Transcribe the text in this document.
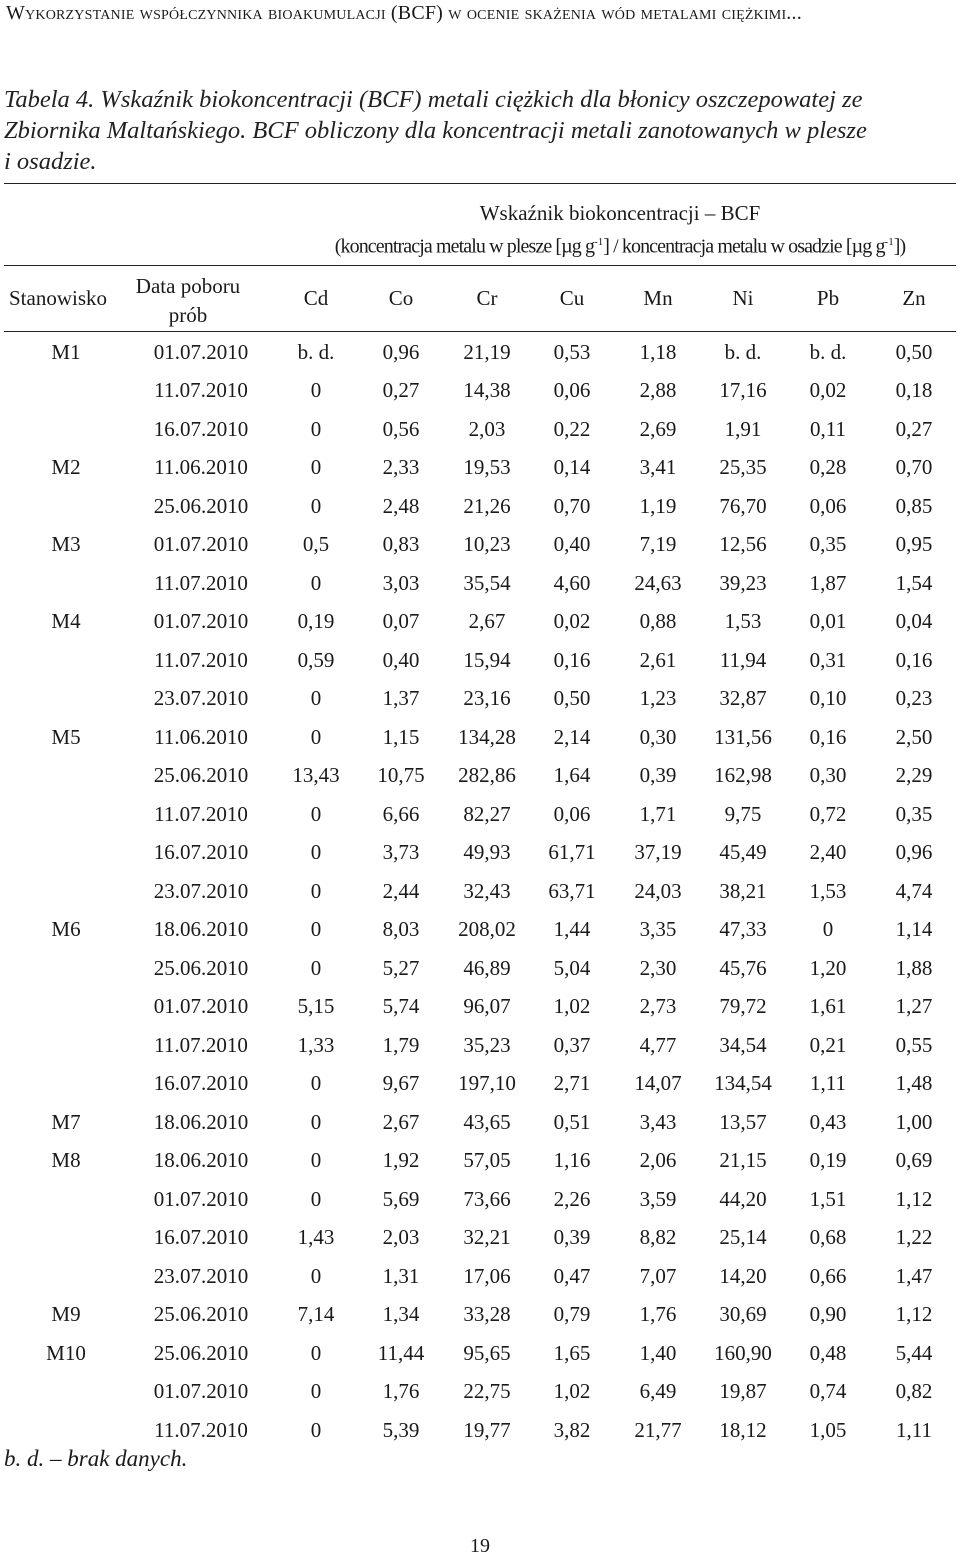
Wykorzystanie współczynnika bioakumulacji (BCF) w ocenie skażenia wód metalami ciężkimi...
Tabela 4. Wskaźnik biokoncentracji (BCF) metali ciężkich dla błonicy oszczepowatej ze
Zbiornika Maltańskiego. BCF obliczony dla koncentracji metali zanotowanych w plesze
i osadzie.
Wskaźnik biokoncentracji – BCF
(koncentracja metalu w plesze [µg $g^{-1}$] / koncentracja metalu w osadzie [µg $g^{-1}$])
Stanowisko	Data poboru
prób
Cd	Co	Cr	Cu	Mn	Ni	Pb	Zn
M1	01.07.2010	b. d.	0,96	21,19	0,53	1,18	b. d.	b. d.	0,50
	11.07.2010	0	0,27	14,38	0,06	2,88	17,16	0,02	0,18
	16.07.2010	0	0,56	2,03	0,22	2,69	1,91	0,11	0,27
M2	11.06.2010	0	2,33	19,53	0,14	3,41	25,35	0,28	0,70
	25.06.2010	0	2,48	21,26	0,70	1,19	76,70	0,06	0,85
M3	01.07.2010	0,5	0,83	10,23	0,40	7,19	12,56	0,35	0,95
	11.07.2010	0	3,03	35,54	4,60	24,63	39,23	1,87	1,54
M4	01.07.2010	0,19	0,07	2,67	0,02	0,88	1,53	0,01	0,04
	11.07.2010	0,59	0,40	15,94	0,16	2,61	11,94	0,31	0,16
	23.07.2010	0	1,37	23,16	0,50	1,23	32,87	0,10	0,23
M5	11.06.2010	0	1,15	134,28	2,14	0,30	131,56	0,16	2,50
	25.06.2010	13,43	10,75	282,86	1,64	0,39	162,98	0,30	2,29
	11.07.2010	0	6,66	82,27	0,06	1,71	9,75	0,72	0,35
	16.07.2010	0	3,73	49,93	61,71	37,19	45,49	2,40	0,96
	23.07.2010	0	2,44	32,43	63,71	24,03	38,21	1,53	4,74
M6	18.06.2010	0	8,03	208,02	1,44	3,35	47,33	0	1,14
	25.06.2010	0	5,27	46,89	5,04	2,30	45,76	1,20	1,88
	01.07.2010	5,15	5,74	96,07	1,02	2,73	79,72	1,61	1,27
	11.07.2010	1,33	1,79	35,23	0,37	4,77	34,54	0,21	0,55
	16.07.2010	0	9,67	197,10	2,71	14,07	134,54	1,11	1,48
M7	18.06.2010	0	2,67	43,65	0,51	3,43	13,57	0,43	1,00
M8	18.06.2010	0	1,92	57,05	1,16	2,06	21,15	0,19	0,69
	01.07.2010	0	5,69	73,66	2,26	3,59	44,20	1,51	1,12
	16.07.2010	1,43	2,03	32,21	0,39	8,82	25,14	0,68	1,22
	23.07.2010	0	1,31	17,06	0,47	7,07	14,20	0,66	1,47
M9	25.06.2010	7,14	1,34	33,28	0,79	1,76	30,69	0,90	1,12
M10	25.06.2010	0	11,44	95,65	1,65	1,40	160,90	0,48	5,44
	01.07.2010	0	1,76	22,75	1,02	6,49	19,87	0,74	0,82
	11.07.2010	0	5,39	19,77	3,82	21,77	18,12	1,05	1,11
b. d. – brak danych.
19
